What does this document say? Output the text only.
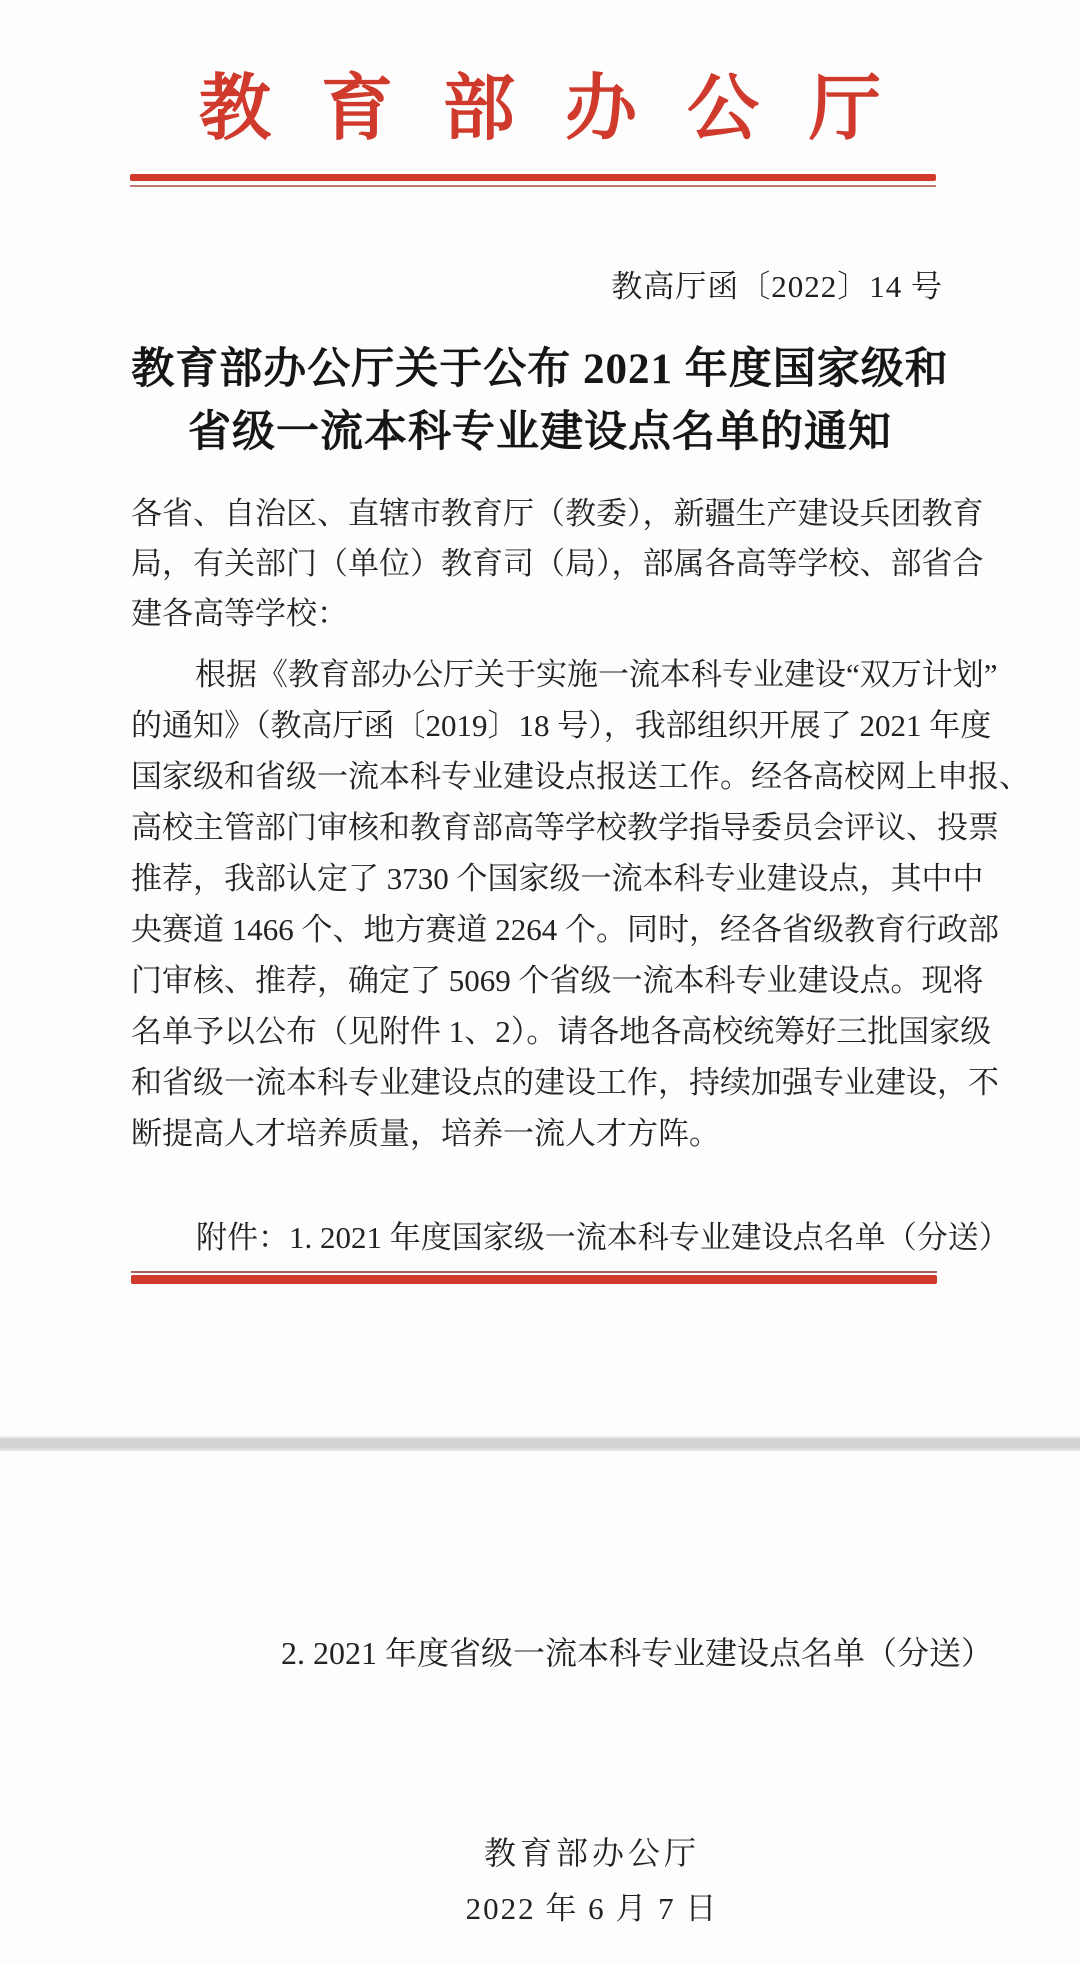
教育部办公厅
教高厅函〔2022〕14 号
教育部办公厅关于公布 2021 年度国家级和
省级一流本科专业建设点名单的通知
各省、自治区、直辖市教育厅（教委），新疆生产建设兵团教育
局，有关部门（单位）教育司（局），部属各高等学校、部省合
建各高等学校：
根据《教育部办公厅关于实施一流本科专业建设“双万计划”
的通知》（教高厅函〔2019〕18 号），我部组织开展了 2021 年度
国家级和省级一流本科专业建设点报送工作。经各高校网上申报、
高校主管部门审核和教育部高等学校教学指导委员会评议、投票
推荐，我部认定了 3730 个国家级一流本科专业建设点，其中中
央赛道 1466 个、地方赛道 2264 个。同时，经各省级教育行政部
门审核、推荐，确定了 5069 个省级一流本科专业建设点。现将
名单予以公布（见附件 1、2）。请各地各高校统筹好三批国家级
和省级一流本科专业建设点的建设工作，持续加强专业建设，不
断提高人才培养质量，培养一流人才方阵。
附件：1. 2021 年度国家级一流本科专业建设点名单（分送）
2. 2021 年度省级一流本科专业建设点名单（分送）
教育部办公厅
2022 年 6 月 7 日
